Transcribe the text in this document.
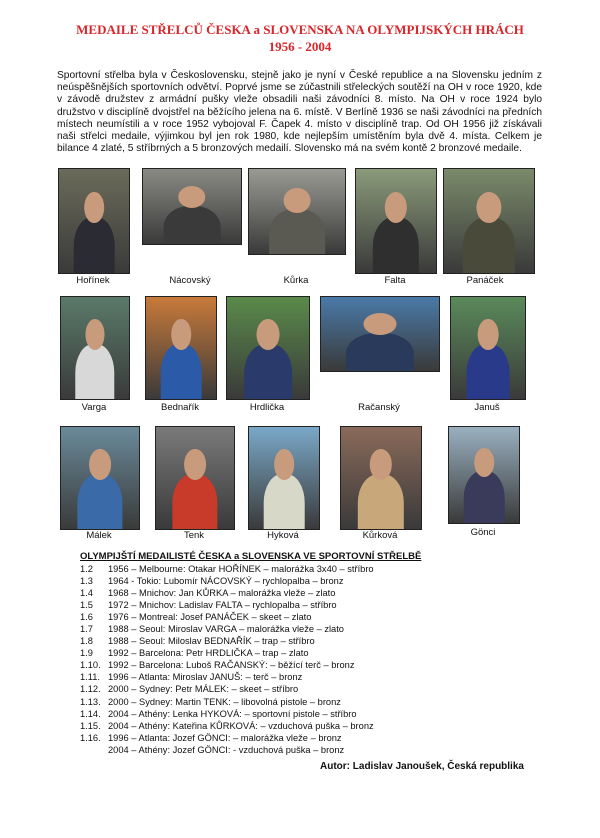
MEDAILE STŘELCŮ ČESKA a SLOVENSKA NA OLYMPIJSKÝCH HRÁCH
1956 - 2004
Sportovní střelba byla v Československu, stejně jako je nyní v České republice a na Slovensku jedním z neúspěšnějších sportovních odvětví. Poprvé jsme se zúčastnili střeleckých soutěží na OH v roce 1920, kde v závodě družstev z armádní pušky vleže obsadili naši závodníci 8. místo. Na OH v roce 1924 bylo družstvo v disciplíně dvojstřel na běžícího jelena na 6. místě. V Berlíně 1936 se naši závodníci na předních místech neumístili a v roce 1952 vybojoval F. Čapek 4. místo v disciplíně trap. Od OH 1956 již získávali naši střelci medaile, výjimkou byl jen rok 1980, kde nejlepším umístěním byla dvě 4. místa. Celkem je bilance 4 zlaté, 5 stříbrných a 5 bronzových medailí. Slovensko má na svém kontě 2 bronzové medaile.
Hořínek	Nácovský	Kůrka	Falta	Panáček
Varga	Bednařík	Hrdlička	Račanský	Januš
Málek	Tenk	Hyková	Kůrková	Gönci
OLYMPIJŠTÍ MEDAILISTÉ ČESKA a SLOVENSKA VE SPORTOVNÍ STŘELBĚ
1.2 1956 – Melbourne: Otakar HOŘÍNEK – malorážka 3x40 – stříbro
1.3 1964 - Tokio: Lubomír NÁCOVSKÝ – rychlopalba – bronz
1.4 1968 – Mnichov: Jan KŮRKA – malorážka vleže – zlato
1.5 1972 – Mnichov: Ladislav FALTA – rychlopalba – stříbro
1.6 1976 – Montreal: Josef PANÁČEK – skeet – zlato
1.7 1988 – Seoul: Miroslav VARGA – malorážka vleže – zlato
1.8 1988 – Seoul: Miloslav BEDNAŘÍK – trap – stříbro
1.9 1992 – Barcelona: Petr HRDLIČKA – trap – zlato
1.10. 1992 – Barcelona: Luboš RAČANSKÝ: – běžící terč – bronz
1.11. 1996 – Atlanta: Miroslav JANUŠ: – terč – bronz
1.12. 2000 – Sydney: Petr MÁLEK: – skeet – stříbro
1.13. 2000 – Sydney: Martin TENK: – libovolná pistole – bronz
1.14. 2004 – Athény: Lenka HYKOVÁ: – sportovní pistole – stříbro
1.15. 2004 – Athény: Kateřina KŮRKOVÁ: – vzduchová puška – bronz
1.16. 1996 – Atlanta: Jozef GÖNCI: – malorážka vleže – bronz
2004 – Athény: Jozef GÖNCI: - vzduchová puška – bronz
Autor: Ladislav Janoušek, Česká republika
